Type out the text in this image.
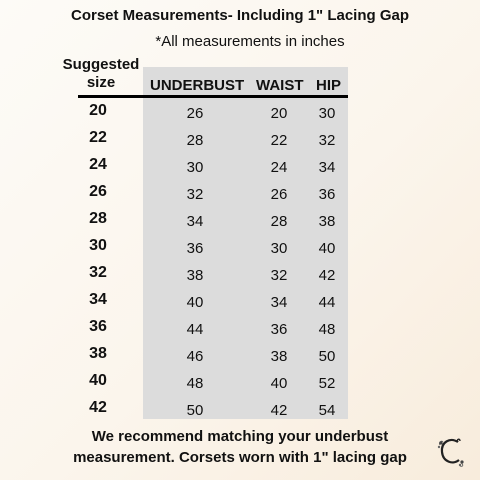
Corset Measurements- Including 1" Lacing Gap
*All measurements in inches
Suggested
size	UNDERBUST WAIST HIP
20	26	20	30
22	28	22	32
24	30	24	34
26	32	26	36
28	34	28	38
30	36	30	40
32	38	32	42
34	40	34	44
36	44	36	48
38	46	38	50
40	48	40	52
42	50	42	54
We recommend matching your underbust
measurement. Corsets worn with 1" lacing gap
